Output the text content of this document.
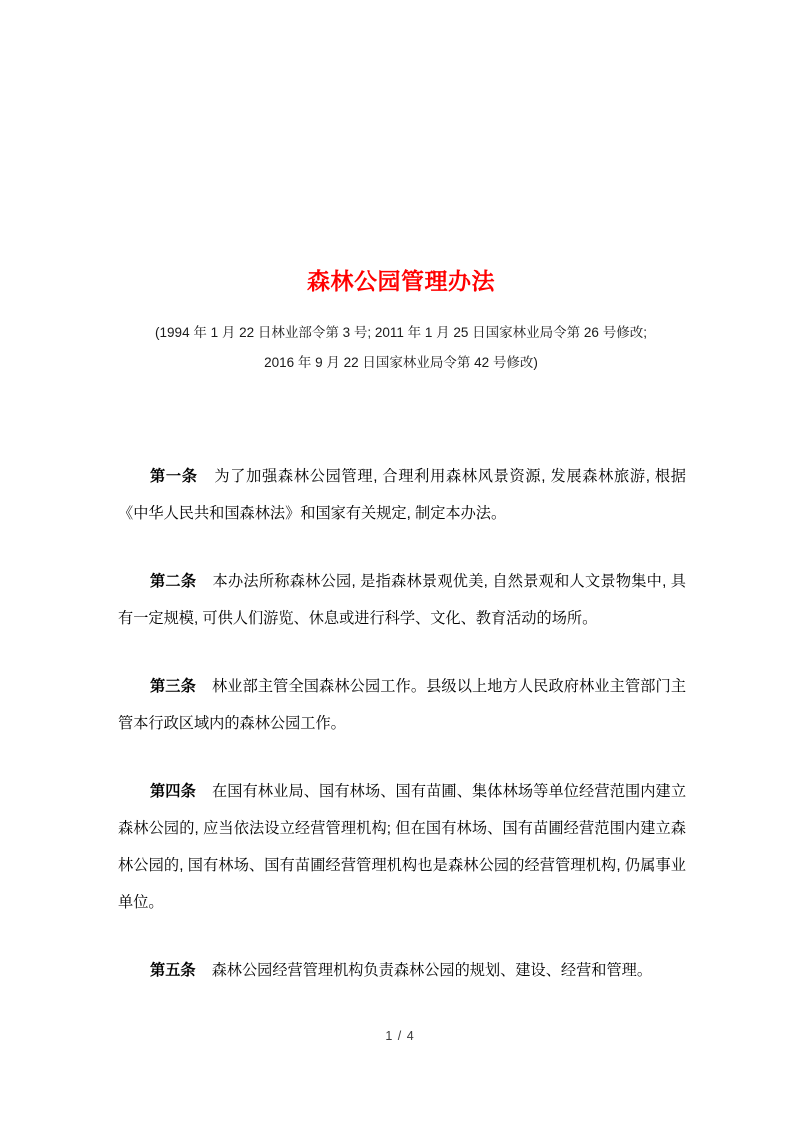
森林公园管理办法
(1994 年 1 月 22 日林业部令第 3 号; 2011 年 1 月 25 日国家林业局令第 26 号修改;
2016 年 9 月 22 日国家林业局令第 42 号修改)

第一条 为了加强森林公园管理, 合理利用森林风景资源, 发展森林旅游, 根据《中华人民共和国森林法》和国家有关规定, 制定本办法。

第二条 本办法所称森林公园, 是指森林景观优美, 自然景观和人文景物集中, 具有一定规模, 可供人们游览、休息或进行科学、文化、教育活动的场所。

第三条 林业部主管全国森林公园工作。县级以上地方人民政府林业主管部门主管本行政区域内的森林公园工作。

第四条 在国有林业局、国有林场、国有苗圃、集体林场等单位经营范围内建立森林公园的, 应当依法设立经营管理机构; 但在国有林场、国有苗圃经营范围内建立森林公园的, 国有林场、国有苗圃经营管理机构也是森林公园的经营管理机构, 仍属事业单位。

第五条 森林公园经营管理机构负责森林公园的规划、建设、经营和管理。

1 / 4
